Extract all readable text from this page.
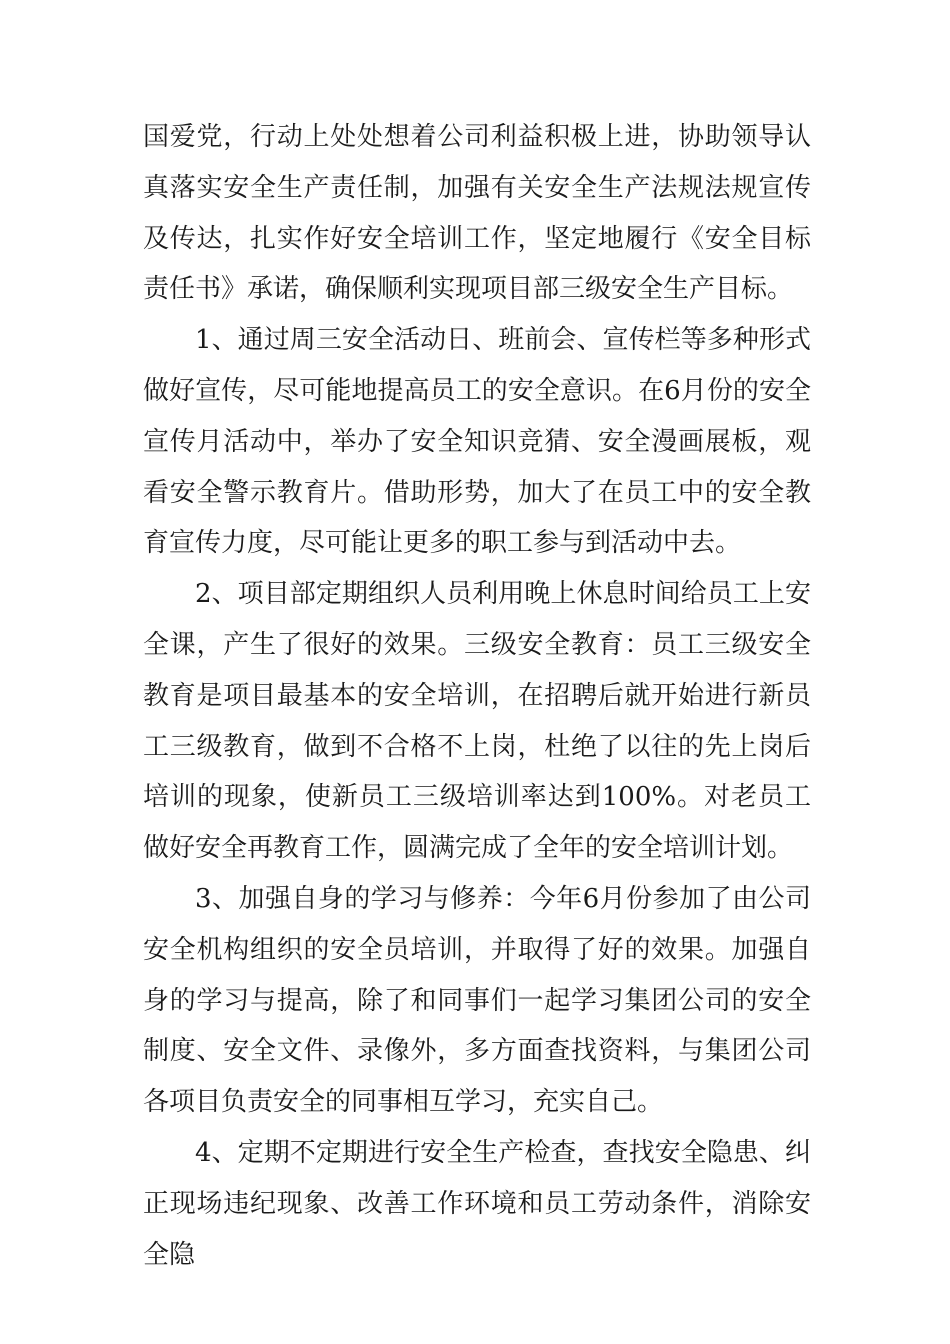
国爱党，行动上处处想着公司利益积极上进，协助领导认真落实安全生产责任制，加强有关安全生产法规法规宣传及传达，扎实作好安全培训工作，坚定地履行《安全目标责任书》承诺，确保顺利实现项目部三级安全生产目标。

1、通过周三安全活动日、班前会、宣传栏等多种形式做好宣传，尽可能地提高员工的安全意识。在6月份的安全宣传月活动中，举办了安全知识竞猜、安全漫画展板，观看安全警示教育片。借助形势，加大了在员工中的安全教育宣传力度，尽可能让更多的职工参与到活动中去。

2、项目部定期组织人员利用晚上休息时间给员工上安全课，产生了很好的效果。三级安全教育：员工三级安全教育是项目最基本的安全培训，在招聘后就开始进行新员工三级教育，做到不合格不上岗，杜绝了以往的先上岗后培训的现象，使新员工三级培训率达到100%。对老员工做好安全再教育工作，圆满完成了全年的安全培训计划。

3、加强自身的学习与修养：今年6月份参加了由公司安全机构组织的安全员培训，并取得了好的效果。加强自身的学习与提高，除了和同事们一起学习集团公司的安全制度、安全文件、录像外，多方面查找资料，与集团公司各项目负责安全的同事相互学习，充实自己。

4、定期不定期进行安全生产检查，查找安全隐患、纠正现场违纪现象、改善工作环境和员工劳动条件，消除安全隐
